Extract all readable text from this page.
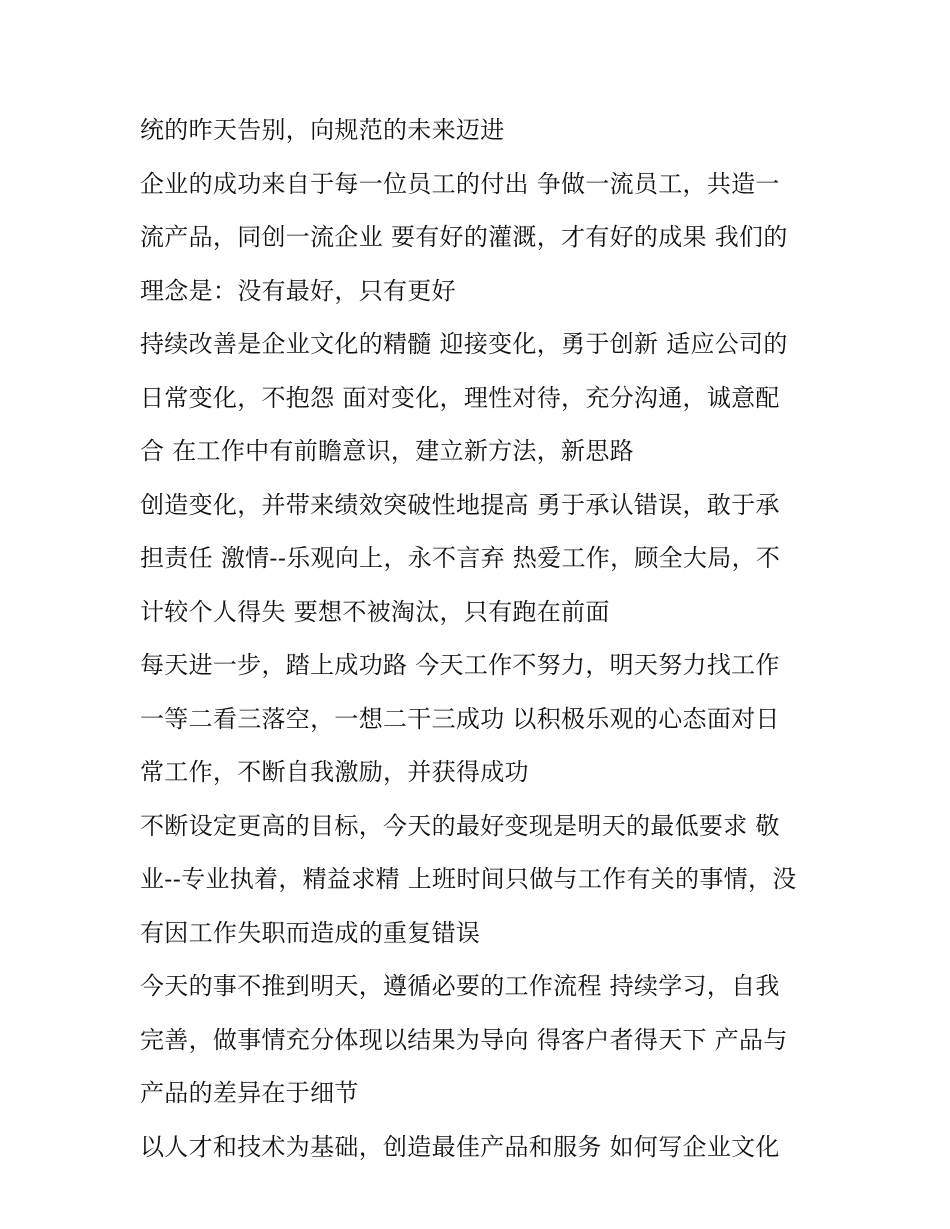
统的昨天告别，向规范的未来迈进
企业的成功来自于每一位员工的付出 争做一流员工，共造一
流产品，同创一流企业 要有好的灌溉，才有好的成果 我们的
理念是：没有最好，只有更好
持续改善是企业文化的精髓 迎接变化，勇于创新 适应公司的
日常变化，不抱怨 面对变化，理性对待，充分沟通，诚意配
合 在工作中有前瞻意识，建立新方法，新思路
创造变化，并带来绩效突破性地提高 勇于承认错误，敢于承
担责任 激情--乐观向上，永不言弃 热爱工作，顾全大局，不
计较个人得失 要想不被淘汰，只有跑在前面
每天进一步，踏上成功路 今天工作不努力，明天努力找工作
一等二看三落空，一想二干三成功 以积极乐观的心态面对日
常工作，不断自我激励，并获得成功
不断设定更高的目标，今天的最好变现是明天的最低要求 敬
业--专业执着，精益求精 上班时间只做与工作有关的事情，没
有因工作失职而造成的重复错误
今天的事不推到明天，遵循必要的工作流程 持续学习，自我
完善，做事情充分体现以结果为导向 得客户者得天下 产品与
产品的差异在于细节
以人才和技术为基础，创造最佳产品和服务 如何写企业文化
